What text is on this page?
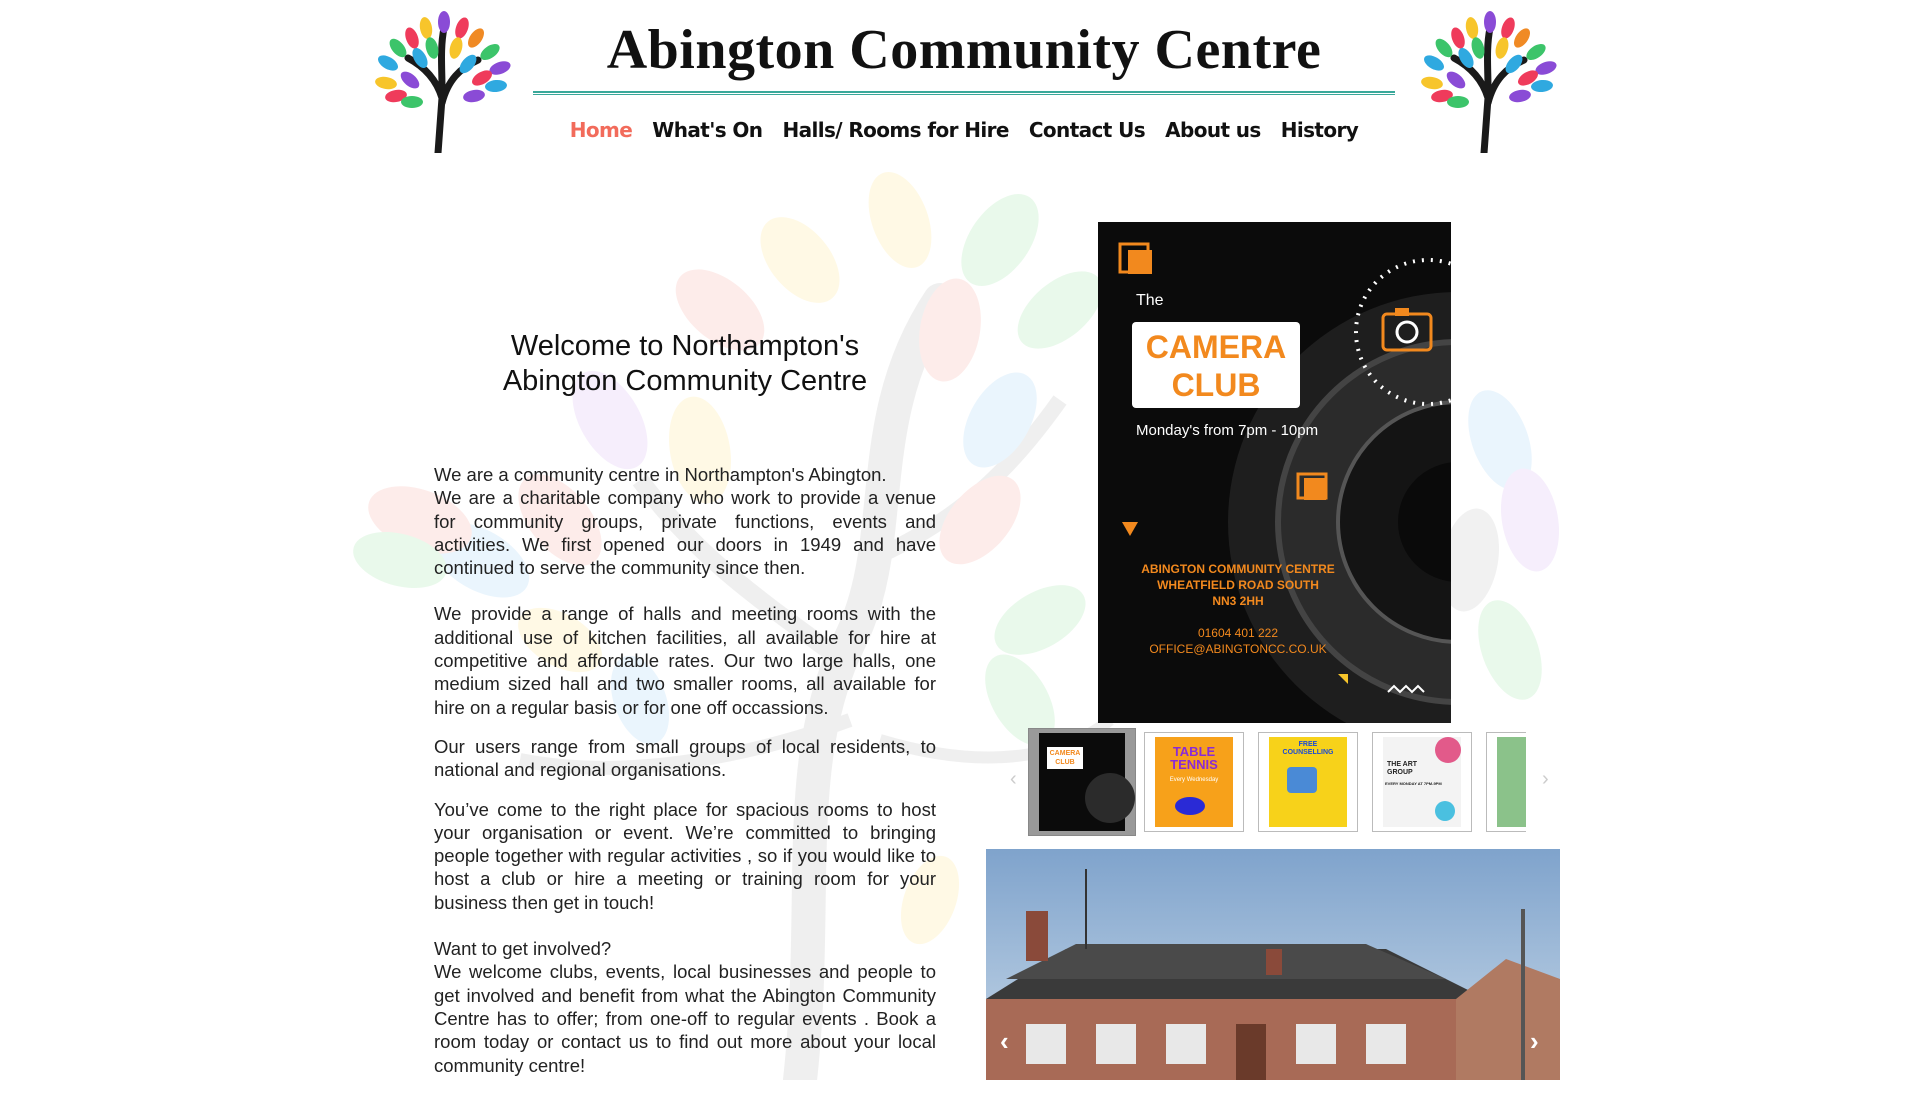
Abington Community Centre
Home What's On Halls/ Rooms for Hire Contact Us About us History
Welcome to Northampton's
Abington Community Centre

We are a community centre in Northampton's Abington.

We are a charitable company who work to provide a venue for community groups, private functions, events and activities. We first opened our doors in 1949 and have continued to serve the community since then.

We provide a range of halls and meeting rooms with the additional use of kitchen facilities, all available for hire at competitive and affordable rates. Our two large halls, one medium sized hall and two smaller rooms, all available for hire on a regular basis or for one off occassions.

Our users range from small groups of local residents, to national and regional organisations.

You’ve come to the right place for spacious rooms to host your organisation or event. We’re committed to bringing people together with regular activities , so if you would like to host a club or hire a meeting or training room for your business then get in touch!

Want to get involved?

We welcome clubs, events, local businesses and people to get involved and benefit from what the Abington Community Centre has to offer; from one-off to regular events . Book a room today or contact us to find out more about your local community centre!

The
CAMERA
CLUB
Monday's from 7pm - 10pm
ABINGTON COMMUNITY CENTRE
WHEATFIELD ROAD SOUTH
NN3 2HH
01604 401 222
OFFICE@ABINGTONCC.CO.UK
‹
CAMERA
CLUB
TABLE
TENNIS
Every Wednesday
FREE
COUNSELLING
THE ART
GROUP
EVERY MONDAY AT 7PM-9PM	›
‹	›
